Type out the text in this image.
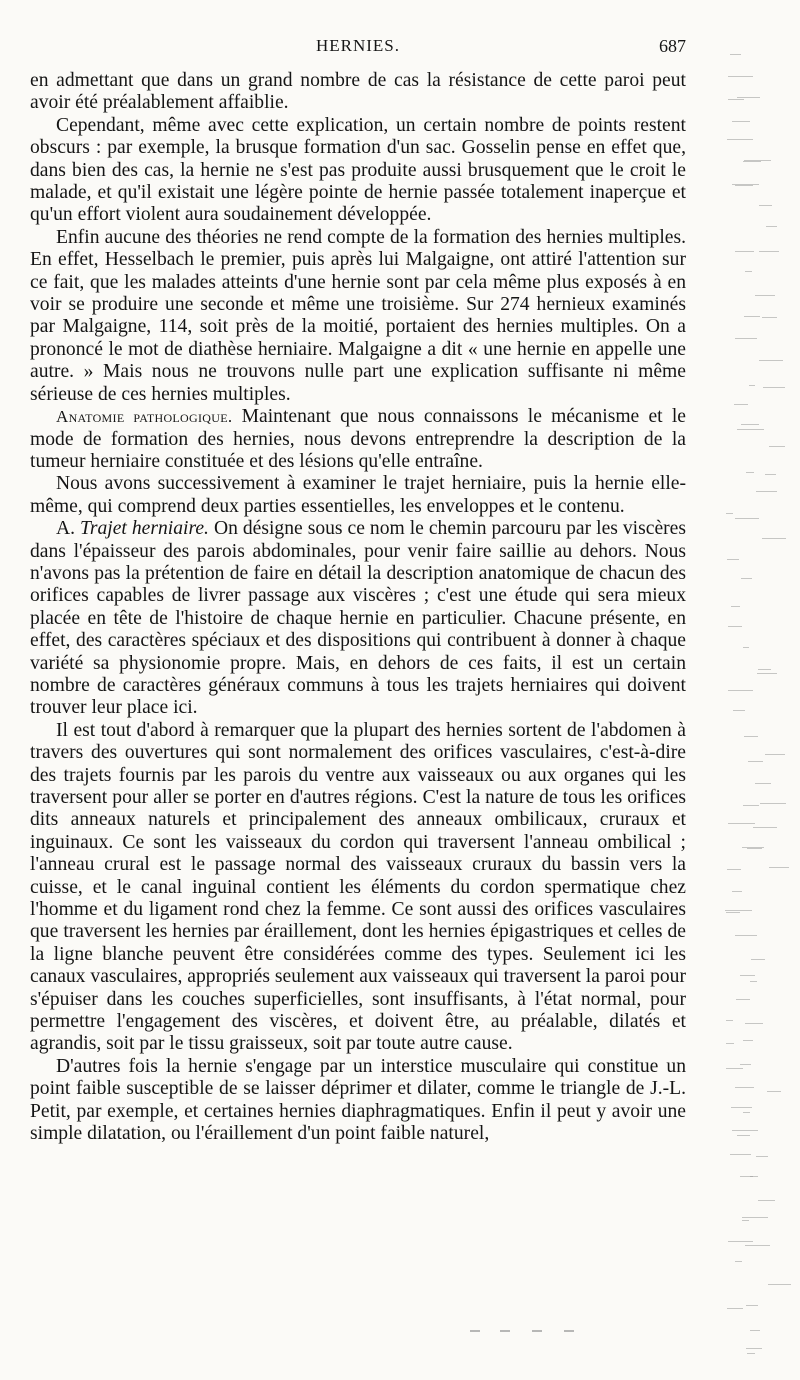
HERNIES.	687

en admettant que dans un grand nombre de cas la résistance de cette paroi peut avoir été préalablement affaiblie.

Cependant, même avec cette explication, un certain nombre de points restent obscurs : par exemple, la brusque formation d'un sac. Gosselin pense en effet que, dans bien des cas, la hernie ne s'est pas produite aussi brusquement que le croit le malade, et qu'il existait une légère pointe de hernie passée totalement inaperçue et qu'un effort violent aura soudainement développée.

Enfin aucune des théories ne rend compte de la formation des hernies multiples. En effet, Hesselbach le premier, puis après lui Malgaigne, ont attiré l'attention sur ce fait, que les malades atteints d'une hernie sont par cela même plus exposés à en voir se produire une seconde et même une troisième. Sur 274 hernieux examinés par Malgaigne, 114, soit près de la moitié, portaient des hernies multiples. On a prononcé le mot de diathèse herniaire. Malgaigne a dit « une hernie en appelle une autre. » Mais nous ne trouvons nulle part une explication suffisante ni même sérieuse de ces hernies multiples.

Anatomie pathologique. Maintenant que nous connaissons le mécanisme et le mode de formation des hernies, nous devons entreprendre la description de la tumeur herniaire constituée et des lésions qu'elle entraîne.

Nous avons successivement à examiner le trajet herniaire, puis la hernie elle-même, qui comprend deux parties essentielles, les enveloppes et le contenu.

A. Trajet herniaire. On désigne sous ce nom le chemin parcouru par les viscères dans l'épaisseur des parois abdominales, pour venir faire saillie au dehors. Nous n'avons pas la prétention de faire en détail la description anatomique de chacun des orifices capables de livrer passage aux viscères ; c'est une étude qui sera mieux placée en tête de l'histoire de chaque hernie en particulier. Chacune présente, en effet, des caractères spéciaux et des dispositions qui contribuent à donner à chaque variété sa physionomie propre. Mais, en dehors de ces faits, il est un certain nombre de caractères généraux communs à tous les trajets herniaires qui doivent trouver leur place ici.

Il est tout d'abord à remarquer que la plupart des hernies sortent de l'abdomen à travers des ouvertures qui sont normalement des orifices vasculaires, c'est-à-dire des trajets fournis par les parois du ventre aux vaisseaux ou aux organes qui les traversent pour aller se porter en d'autres régions. C'est la nature de tous les orifices dits anneaux naturels et principalement des anneaux ombilicaux, cruraux et inguinaux. Ce sont les vaisseaux du cordon qui traversent l'anneau ombilical ; l'anneau crural est le passage normal des vaisseaux cruraux du bassin vers la cuisse, et le canal inguinal contient les éléments du cordon spermatique chez l'homme et du ligament rond chez la femme. Ce sont aussi des orifices vasculaires que traversent les hernies par éraillement, dont les hernies épigastriques et celles de la ligne blanche peuvent être considérées comme des types. Seulement ici les canaux vasculaires, appropriés seulement aux vaisseaux qui traversent la paroi pour s'épuiser dans les couches superficielles, sont insuffisants, à l'état normal, pour permettre l'engagement des viscères, et doivent être, au préalable, dilatés et agrandis, soit par le tissu graisseux, soit par toute autre cause.

D'autres fois la hernie s'engage par un interstice musculaire qui constitue un point faible susceptible de se laisser déprimer et dilater, comme le triangle de J.-L. Petit, par exemple, et certaines hernies diaphragmatiques. Enfin il peut y avoir une simple dilatation, ou l'éraillement d'un point faible naturel,
